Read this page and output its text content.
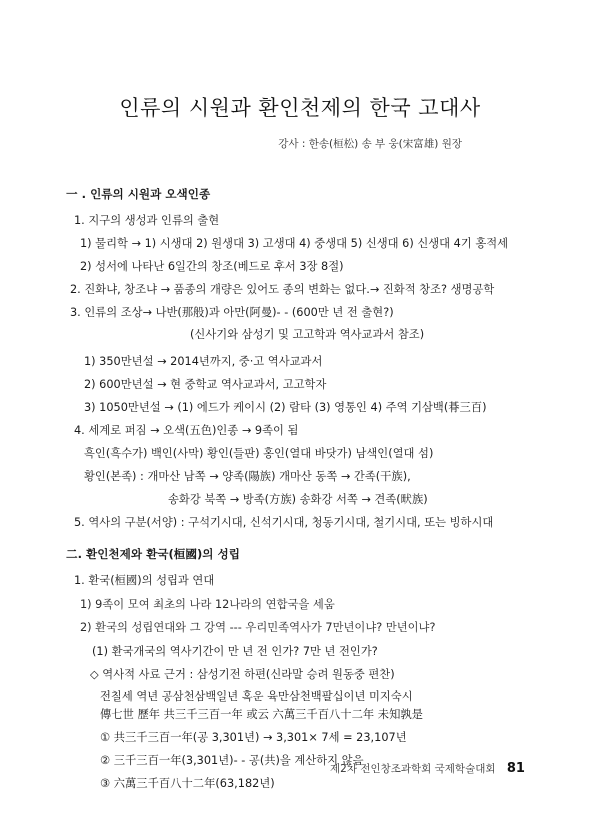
인류의 시원과 환인천제의 한국 고대사
강사 : 한송(桓松) 송 부 웅(宋富雄) 원장
一 . 인류의 시원과 오색인종
1. 지구의 생성과 인류의 출현
1) 물리학 → 1) 시생대 2) 원생대 3) 고생대 4) 중생대 5) 신생대 6) 신생대 4기 홍적세
2) 성서에 나타난 6일간의 창조(베드로 후서 3장 8절)
2. 진화냐, 창조냐 → 품종의 개량은 있어도 종의 변화는 없다.→ 진화적 창조? 생명공학
3. 인류의 조상→ 나반(那般)과 아만(阿曼)- - (600만 년 전 출현?)
(신사기와 삼성기 및 고고학과 역사교과서 참조)
1) 350만년설 → 2014년까지, 중·고 역사교과서
2) 600만년설 → 현 중학교 역사교과서, 고고학자
3) 1050만년설 → (1) 에드가 케이시 (2) 람타 (3) 영통인 4) 주역 기삼백(朞三百)
4. 세계로 퍼짐 → 오색(五色)인종 → 9족이 됨
흑인(흑수가) 백인(사막) 황인(들판) 홍인(열대 바닷가) 남색인(열대 섬)
황인(본족) : 개마산 남쪽 → 양족(陽族) 개마산 동쪽 → 간족(干族),
송화강 북쪽 → 방족(方族) 송화강 서쪽 → 견족(畎族)
5. 역사의 구분(서양) : 구석기시대, 신석기시대, 청동기시대, 철기시대, 또는 빙하시대
二. 환인천제와 환국(桓國)의 성립
1. 환국(桓國)의 성립과 연대
1) 9족이 모여 최초의 나라 12나라의 연합국을 세움
2) 환국의 성립연대와 그 강역 --- 우리민족역사가 7만년이냐? 만년이냐?
(1) 환국개국의 역사기간이 만 년 전 인가? 7만 년 전인가?
◇ 역사적 사료 근거 : 삼성기전 하편(신라말 승려 원동중 편찬)
전칠세 역년 공삼천삼백일년 혹운 육만삼천백팔십이년 미지숙시
傳七世 歷年 共三千三百一年 或云 六萬三千百八十二年 未知孰是
① 共三千三百一年(공 3,301년) → 3,301× 7세 = 23,107년
② 三千三百一年(3,301년)- - 공(共)을 계산하지 않음
③ 六萬三千百八十二年(63,182년)
제2차 전인창조과학회 국제학술대회 81
